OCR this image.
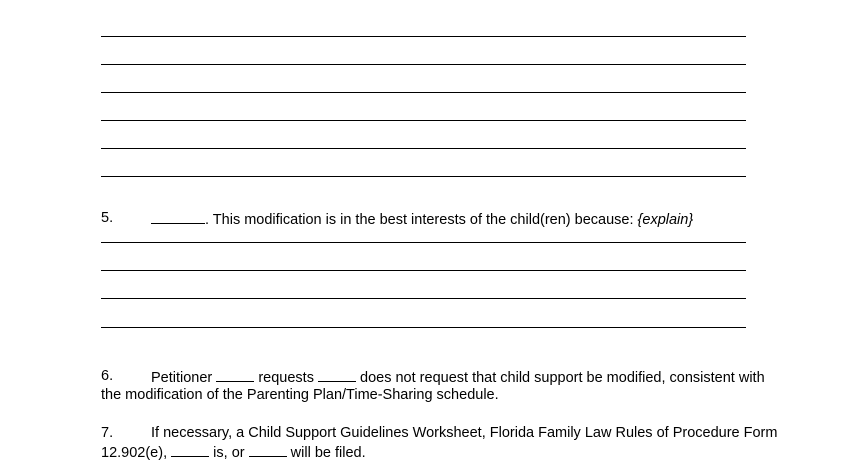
5.	. This modification is in the best interests of the child(ren) because: {explain}
6.	Petitioner	requests	does not request that child support be modified, consistent with
the modification of the Parenting Plan/Time-Sharing schedule.
7.	If necessary, a Child Support Guidelines Worksheet, Florida Family Law Rules of Procedure Form
12.902(e),	is, or	will be filed.
